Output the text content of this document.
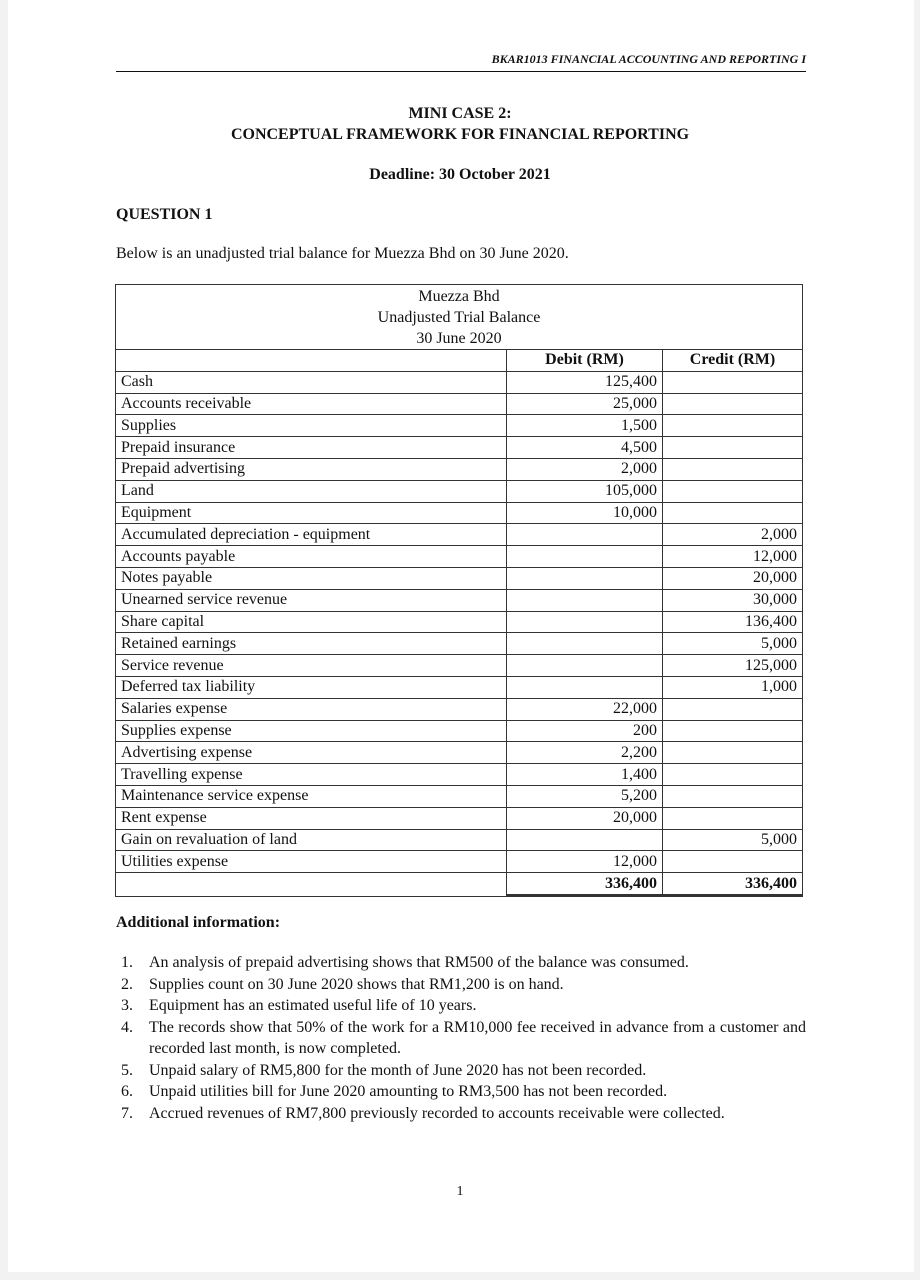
BKAR1013 FINANCIAL ACCOUNTING AND REPORTING I
MINI CASE 2:
CONCEPTUAL FRAMEWORK FOR FINANCIAL REPORTING
Deadline: 30 October 2021
QUESTION 1
Below is an unadjusted trial balance for Muezza Bhd on 30 June 2020.
Muezza Bhd
Unadjusted Trial Balance
30 June 2020
	Debit (RM)	Credit (RM)
Cash	125,400	
Accounts receivable	25,000	
Supplies	1,500	
Prepaid insurance	4,500	
Prepaid advertising	2,000	
Land	105,000	
Equipment	10,000	
Accumulated depreciation - equipment		2,000
Accounts payable		12,000
Notes payable		20,000
Unearned service revenue		30,000
Share capital		136,400
Retained earnings		5,000
Service revenue		125,000
Deferred tax liability		1,000
Salaries expense	22,000	
Supplies expense	200	
Advertising expense	2,200	
Travelling expense	1,400	
Maintenance service expense	5,200	
Rent expense	20,000	
Gain on revaluation of land		5,000
Utilities expense	12,000	
	336,400	336,400
Additional information:
1. An analysis of prepaid advertising shows that RM500 of the balance was consumed.
2. Supplies count on 30 June 2020 shows that RM1,200 is on hand.
3. Equipment has an estimated useful life of 10 years.
4. The records show that 50% of the work for a RM10,000 fee received in advance from a customer and recorded last month, is now completed.
5. Unpaid salary of RM5,800 for the month of June 2020 has not been recorded.
6. Unpaid utilities bill for June 2020 amounting to RM3,500 has not been recorded.
7. Accrued revenues of RM7,800 previously recorded to accounts receivable were collected.
1
